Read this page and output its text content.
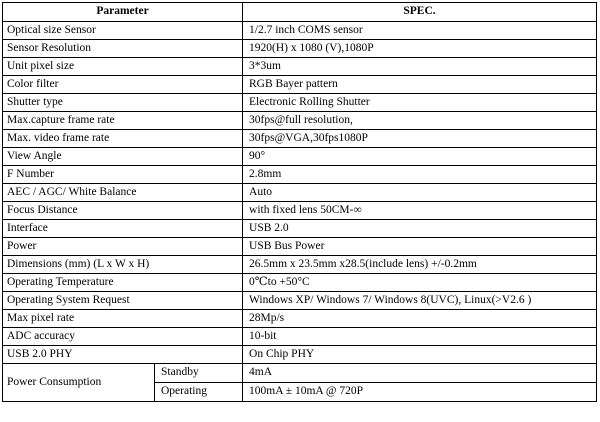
Parameter		SPEC.
Optical size Sensor		1/2.7 inch COMS sensor
Sensor Resolution		1920(H) x 1080 (V),1080P
Unit pixel size		3*3um
Color filter		RGB Bayer pattern
Shutter type		Electronic Rolling Shutter
Max.capture frame rate		30fps@full resolution,
Max. video frame rate		30fps@VGA,30fps1080P
View Angle		90°
F Number		2.8mm
AEC / AGC/ White Balance		Auto
Focus Distance		with fixed lens 50CM-∞
Interface		USB 2.0
Power		USB Bus Power
Dimensions (mm) (L x W x H)		26.5mm x 23.5mm x28.5(include lens) +/-0.2mm
Operating Temperature		0℃to +50°C
Operating System Request		Windows XP/ Windows 7/ Windows 8(UVC), Linux(>V2.6 )
Max pixel rate		28Mp/s
ADC accuracy		10-bit
USB 2.0 PHY		On Chip PHY
Power Consumption	Standby	4mA
	Operating	100mA ± 10mA @ 720P
